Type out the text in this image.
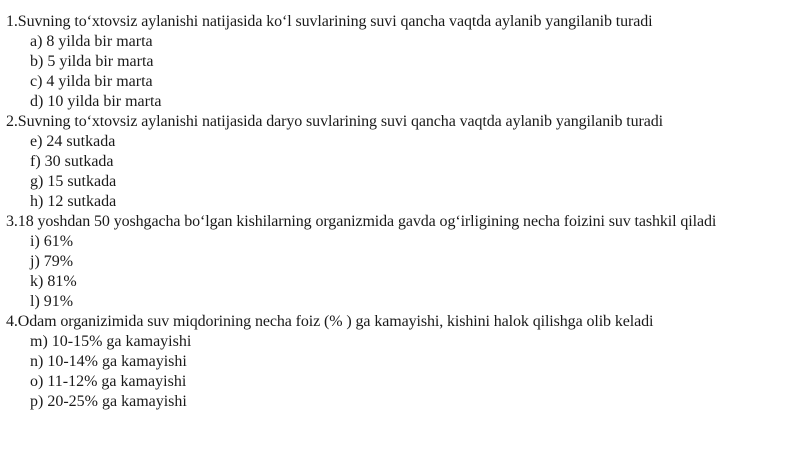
1.Suvning to‘xtovsiz aylanishi natijasida ko‘l suvlarining suvi qancha vaqtda aylanib yangilanib turadi
a) 8 yilda bir marta
b) 5 yilda bir marta
c) 4 yilda bir marta
d) 10 yilda bir marta
2.Suvning to‘xtovsiz aylanishi natijasida daryo suvlarining suvi qancha vaqtda aylanib yangilanib turadi
e) 24 sutkada
f) 30 sutkada
g) 15 sutkada
h) 12 sutkada
3.18 yoshdan 50 yoshgacha bo‘lgan kishilarning organizmida gavda og‘irligining necha foizini suv tashkil qiladi
i) 61%
j) 79%
k) 81%
l) 91%
4.Odam organizimida suv miqdorining necha foiz (% ) ga kamayishi, kishini halok qilishga olib keladi
m) 10-15% ga kamayishi
n) 10-14% ga kamayishi
o) 11-12% ga kamayishi
p) 20-25% ga kamayishi
